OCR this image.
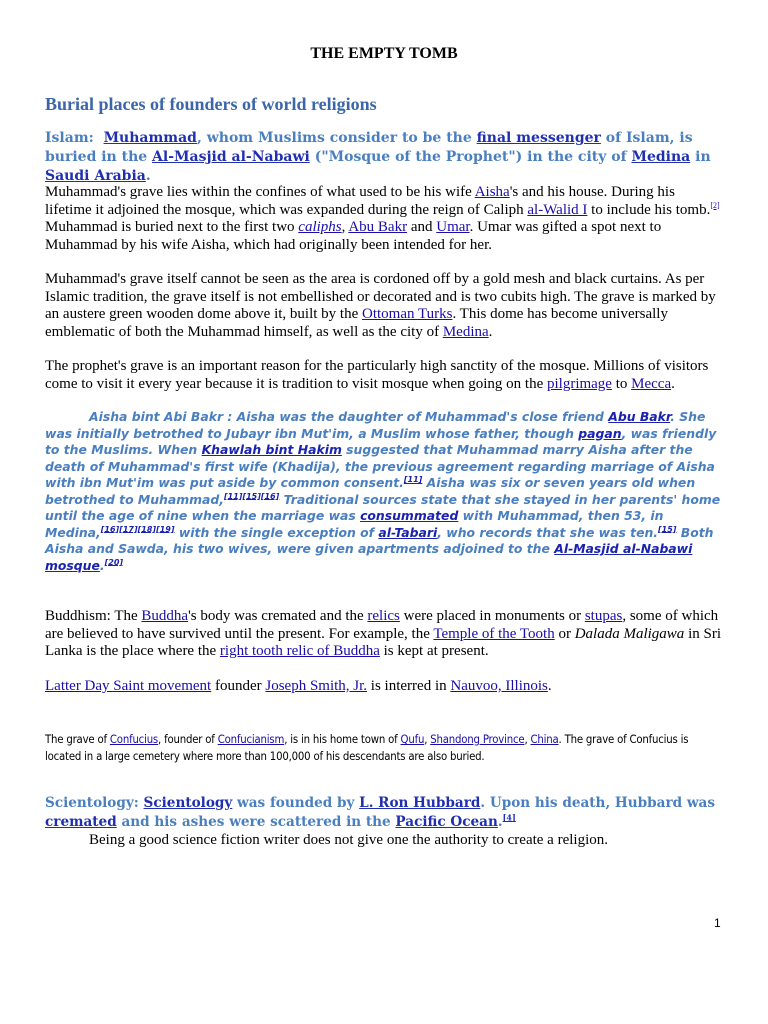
THE EMPTY TOMB
Burial places of founders of world religions
Islam: Muhammad, whom Muslims consider to be the final messenger of Islam, is buried in the Al-Masjid al-Nabawi ("Mosque of the Prophet") in the city of Medina in Saudi Arabia.
Muhammad's grave lies within the confines of what used to be his wife Aisha's and his house. During his lifetime it adjoined the mosque, which was expanded during the reign of Caliph al-Walid I to include his tomb.[2] Muhammad is buried next to the first two caliphs, Abu Bakr and Umar. Umar was gifted a spot next to Muhammad by his wife Aisha, which had originally been intended for her.
Muhammad's grave itself cannot be seen as the area is cordoned off by a gold mesh and black curtains. As per Islamic tradition, the grave itself is not embellished or decorated and is two cubits high. The grave is marked by an austere green wooden dome above it, built by the Ottoman Turks. This dome has become universally emblematic of both the Muhammad himself, as well as the city of Medina.
The prophet's grave is an important reason for the particularly high sanctity of the mosque. Millions of visitors come to visit it every year because it is tradition to visit mosque when going on the pilgrimage to Mecca.
Aisha bint Abi Bakr : Aisha was the daughter of Muhammad's close friend Abu Bakr. She was initially betrothed to Jubayr ibn Mut'im, a Muslim whose father, though pagan, was friendly to the Muslims. When Khawlah bint Hakim suggested that Muhammad marry Aisha after the death of Muhammad's first wife (Khadija), the previous agreement regarding marriage of Aisha with ibn Mut'im was put aside by common consent.[11] Aisha was six or seven years old when betrothed to Muhammad,[11][15][16] Traditional sources state that she stayed in her parents' home until the age of nine when the marriage was consummated with Muhammad, then 53, in Medina,[16][17][18][19] with the single exception of al-Tabari, who records that she was ten.[15] Both Aisha and Sawda, his two wives, were given apartments adjoined to the Al-Masjid al-Nabawi mosque.[20]
Buddhism: The Buddha's body was cremated and the relics were placed in monuments or stupas, some of which are believed to have survived until the present. For example, the Temple of the Tooth or Dalada Maligawa in Sri Lanka is the place where the right tooth relic of Buddha is kept at present.
Latter Day Saint movement founder Joseph Smith, Jr. is interred in Nauvoo, Illinois.
The grave of Confucius, founder of Confucianism, is in his home town of Qufu, Shandong Province, China. The grave of Confucius is located in a large cemetery where more than 100,000 of his descendants are also buried.
Scientology: Scientology was founded by L. Ron Hubbard. Upon his death, Hubbard was cremated and his ashes were scattered in the Pacific Ocean.[4]
Being a good science fiction writer does not give one the authority to create a religion.
1
